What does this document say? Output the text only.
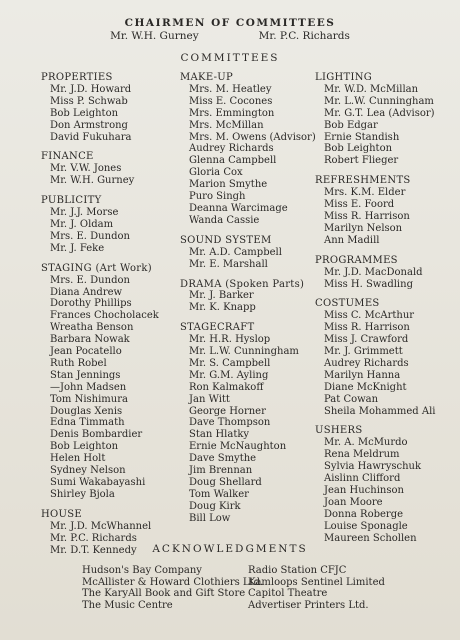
CHAIRMEN OF COMMITTEES
Mr. W.H. Gurney	Mr. P.C. Richards
COMMITTEES
PROPERTIES
Mr. J.D. Howard
Miss P. Schwab
Bob Leighton
Don Armstrong
David Fukuhara
FINANCE
Mr. V.W. Jones
Mr. W.H. Gurney
PUBLICITY
Mr. J.J. Morse
Mr. J. Oldam
Mrs. E. Dundon
Mr. J. Feke
STAGING (Art Work)
Mrs. E. Dundon
Diana Andrew
Dorothy Phillips
Frances Chocholacek
Wreatha Benson
Barbara Nowak
Jean Pocatello
Ruth Robel
Stan Jennings
—John Madsen
Tom Nishimura
Douglas Xenis
Edna Timmath
Denis Bombardier
Bob Leighton
Helen Holt
Sydney Nelson
Sumi Wakabayashi
Shirley Bjola
HOUSE
Mr. J.D. McWhannel
Mr. P.C. Richards
Mr. D.T. Kennedy
MAKE-UP
Mrs. M. Heatley
Miss E. Cocones
Mrs. Emmington
Mrs. McMillan
Mrs. M. Owens (Advisor)
Audrey Richards
Glenna Campbell
Gloria Cox
Marion Smythe
Puro Singh
Deanna Warcimage
Wanda Cassie
SOUND SYSTEM
Mr. A.D. Campbell
Mr. E. Marshall
DRAMA (Spoken Parts)
Mr. J. Barker
Mr. K. Knapp
STAGECRAFT
Mr. H.R. Hyslop
Mr. L.W. Cunningham
Mr. S. Campbell
Mr. G.M. Ayling
Ron Kalmakoff
Jan Witt
George Horner
Dave Thompson
Stan Hlatky
Ernie McNaughton
Dave Smythe
Jim Brennan
Doug Shellard
Tom Walker
Doug Kirk
Bill Low
LIGHTING
Mr. W.D. McMillan
Mr. L.W. Cunningham
Mr. G.T. Lea (Advisor)
Bob Edgar
Ernie Standish
Bob Leighton
Robert Flieger
REFRESHMENTS
Mrs. K.M. Elder
Miss E. Foord
Miss R. Harrison
Marilyn Nelson
Ann Madill
PROGRAMMES
Mr. J.D. MacDonald
Miss H. Swadling
COSTUMES
Miss C. McArthur
Miss R. Harrison
Miss J. Crawford
Mr. J. Grimmett
Audrey Richards
Marilyn Hanna
Diane McKnight
Pat Cowan
Sheila Mohammed Ali
USHERS
Mr. A. McMurdo
Rena Meldrum
Sylvia Hawryschuk
Aislinn Clifford
Jean Huchinson
Joan Moore
Donna Roberge
Louise Sponagle
Maureen Schollen
ACKNOWLEDGMENTS
Hudson's Bay Company
McAllister & Howard Clothiers Ltd.
The KaryAll Book and Gift Store
The Music Centre
Radio Station CFJC
Kamloops Sentinel Limited
Capitol Theatre
Advertiser Printers Ltd.
